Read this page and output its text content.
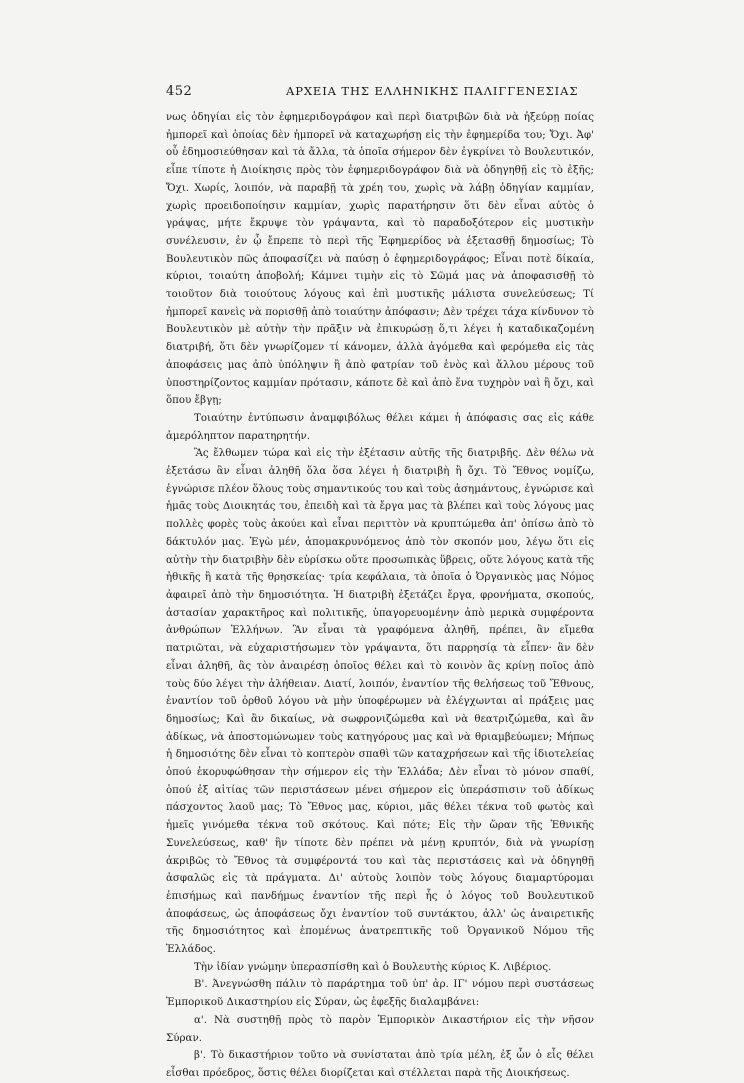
452	ΑΡΧΕΙΑ ΤΗΣ ΕΛΛΗΝΙΚΗΣ ΠΑΛΙΓΓΕΝΕΣΙΑΣ

νως ὁδηγίαι εἰς τὸν ἐφημεριδογράφον καὶ περὶ διατριβῶν διὰ νὰ ἠξεύρῃ ποίας ἠμπορεῖ καὶ ὁποίας δὲν ἠμπορεῖ νὰ καταχωρήσῃ εἰς τὴν ἐφημερίδα του; Ὄχι. Ἀφ' οὗ ἐδημοσιεύθησαν καὶ τὰ ἄλλα, τὰ ὁποῖα σήμερον δὲν ἐγκρίνει τὸ Βουλευτικόν, εἶπε τίποτε ἡ Διοίκησις πρὸς τὸν ἐφημεριδογράφον διὰ νὰ ὁδηγηθῇ εἰς τὸ ἑξῆς; Ὄχι. Χωρίς, λοιπόν, νὰ παραβῇ τὰ χρέη του, χωρὶς νὰ λάβῃ ὁδηγίαν καμμίαν, χωρὶς προειδοποίησιν καμμίαν, χωρὶς παρατήρησιν ὅτι δὲν εἶναι αὐτὸς ὁ γράψας, μήτε ἔκρυψε τὸν γράψαντα, καὶ τὸ παραδοξότερον εἰς μυστικὴν συνέλευσιν, ἐν ᾧ ἔπρεπε τὸ περὶ τῆς Ἐφημερίδος νὰ ἐξετασθῇ δημοσίως; Τὸ Βουλευτικὸν πῶς ἀποφασίζει νὰ παύσῃ ὁ ἐφημεριδογράφος; Εἶναι ποτὲ δίκαία, κύριοι, τοιαύτη ἀποβολή; Κάμνει τιμὴν εἰς τὸ Σῶμά μας νὰ ἀποφασισθῇ τὸ τοιοῦτον διὰ τοιούτους λόγους καὶ ἐπὶ μυστικῆς μάλιστα συνελεύσεως; Τί ἠμπορεῖ κανεὶς νὰ πορισθῇ ἀπὸ τοιαύτην ἀπόφασιν; Δὲν τρέχει τάχα κίνδυνον τὸ Βουλευτικὸν μὲ αὐτὴν τὴν πρᾶξιν νὰ ἐπικυρώσῃ ὅ,τι λέγει ἡ καταδικαζομένη διατριβή, ὅτι δὲν γνωρίζομεν τί κάνομεν, ἀλλὰ ἀγόμεθα καὶ φερόμεθα εἰς τὰς ἀποφάσεις μας ἀπὸ ὑπόληψιν ἢ ἀπὸ φατρίαν τοῦ ἑνὸς καὶ ἄλλου μέρους τοῦ ὑποστηρίζοντος καμμίαν πρότασιν, κάποτε δὲ καὶ ἀπὸ ἕνα τυχηρὸν ναὶ ἢ ὄχι, καὶ ὅπου ἔβγῃ;

Τοιαύτην ἐντύπωσιν ἀναμφιβόλως θέλει κάμει ἡ ἀπόφασις σας εἰς κάθε ἀμερόληπτον παρατηρητήν.

Ἂς ἔλθωμεν τώρα καὶ εἰς τὴν ἐξέτασιν αὐτῆς τῆς διατριβῆς. Δὲν θέλω νὰ ἐξετάσω ἂν εἶναι ἀληθῆ ὅλα ὅσα λέγει ἡ διατριβὴ ἢ ὄχι. Τὸ Ἔθνος νομίζω, ἐγνώρισε πλέον ὅλους τοὺς σημαντικούς του καὶ τοὺς ἀσημάντους, ἐγνώρισε καὶ ἡμᾶς τοὺς Διοικητάς του, ἐπειδὴ καὶ τὰ ἔργα μας τὰ βλέπει καὶ τοὺς λόγους μας πολλὲς φορὲς τοὺς ἀκούει καὶ εἶναι περιττὸν νὰ κρυπτώμεθα ἀπ' ὀπίσω ἀπὸ τὸ δάκτυλόν μας. Ἐγὼ μέν, ἀπομακρυνόμενος ἀπὸ τὸν σκοπόν μου, λέγω ὅτι εἰς αὐτὴν τὴν διατριβὴν δὲν εὑρίσκω οὔτε προσωπικὰς ὕβρεις, οὔτε λόγους κατὰ τῆς ἠθικῆς ἢ κατὰ τῆς θρησκείας· τρία κεφάλαια, τὰ ὁποῖα ὁ Ὀργανικὸς μας Νόμος ἀφαιρεῖ ἀπὸ τὴν δημοσιότητα. Ἡ διατριβὴ ἐξετάζει ἔργα, φρονήματα, σκοπούς, ἀστασίαν χαρακτῆρος καὶ πολιτικῆς, ὑπαγορευομένην ἀπὸ μερικὰ συμφέροντα ἀνθρώπων Ἑλλήνων. Ἂν εἶναι τὰ γραφόμενα ἀληθῆ, πρέπει, ἂν εἴμεθα πατριῶται, νὰ εὐχαριστήσωμεν τὸν γράψαντα, ὅτι παρρησίᾳ τὰ εἶπεν· ἂν δὲν εἶναι ἀληθῆ, ἂς τὸν ἀναιρέσῃ ὁποῖος θέλει καὶ τὸ κοινὸν ἂς κρίνῃ ποῖος ἀπὸ τοὺς δύο λέγει τὴν ἀλήθειαν. Διατί, λοιπόν, ἐναντίον τῆς θελήσεως τοῦ Ἔθνους, ἐναντίον τοῦ ὀρθοῦ λόγου νὰ μὴν ὑποφέρωμεν νὰ ἐλέγχωνται αἱ πράξεις μας δημοσίως; Καὶ ἂν δικαίως, νὰ σωφρονιζώμεθα καὶ νὰ θεατριζώμεθα, καὶ ἂν ἀδίκως, νὰ ἀποστομώνωμεν τοὺς κατηγόρους μας καὶ νὰ θριαμβεύωμεν; Μήπως ἡ δημοσιότης δὲν εἶναι τὸ κοπτερὸν σπαθὶ τῶν καταχρήσεων καὶ τῆς ἰδιοτελείας ὁπού ἐκορυφώθησαν τὴν σήμερον εἰς τὴν Ἑλλάδα; Δὲν εἶναι τὸ μόνον σπαθί, ὁπού ἐξ αἰτίας τῶν περιστάσεων μένει σήμερον εἰς ὑπεράσπισιν τοῦ ἀδίκως πάσχοντος λαοῦ μας; Τὸ Ἔθνος μας, κύριοι, μᾶς θέλει τέκνα τοῦ φωτὸς καὶ ἡμεῖς γινόμεθα τέκνα τοῦ σκότους. Καὶ πότε; Εἰς τὴν ὥραν τῆς Ἐθνικῆς Συνελεύσεως, καθ' ἣν τίποτε δὲν πρέπει νὰ μένῃ κρυπτόν, διὰ νὰ γνωρίσῃ ἀκριβῶς τὸ Ἔθνος τὰ συμφέροντά του καὶ τὰς περιστάσεις καὶ νὰ ὁδηγηθῇ ἀσφαλῶς εἰς τὰ πράγματα. Δι' αὐτοὺς λοιπὸν τοὺς λόγους διαμαρτύρομαι ἐπισήμως καὶ πανδήμως ἐναντίον τῆς περὶ ἧς ὁ λόγος τοῦ Βουλευτικοῦ ἀποφάσεως, ὡς ἀποφάσεως ὄχι ἐναντίον τοῦ συντάκτου, ἀλλ' ὡς ἀναιρετικῆς τῆς δημοσιότητος καὶ ἑπομένως ἀνατρεπτικῆς τοῦ Ὀργανικοῦ Νόμου τῆς Ἑλλάδος.

Τὴν ἰδίαν γνώμην ὑπερασπίσθη καὶ ὁ Βουλευτὴς κύριος Κ. Λιβέριος.

Β'. Ἀνεγνώσθη πάλιν τὸ παράρτημα τοῦ ὑπ' ἀρ. ΙΓ' νόμου περὶ συστάσεως Ἐμπορικοῦ Δικαστηρίου εἰς Σύραν, ὡς ἑφεξῆς διαλαμβάνει:

α'. Νὰ συστηθῇ πρὸς τὸ παρὸν Ἐμπορικὸν Δικαστήριον εἰς τὴν νῆσον Σύραν.

β'. Τὸ δικαστήριον τοῦτο νὰ συνίσταται ἀπὸ τρία μέλη, ἐξ ὧν ὁ εἷς θέλει εἶσθαι πρόεδρος, ὅστις θέλει διορίζεται καὶ στέλλεται παρὰ τῆς Διοικήσεως.
